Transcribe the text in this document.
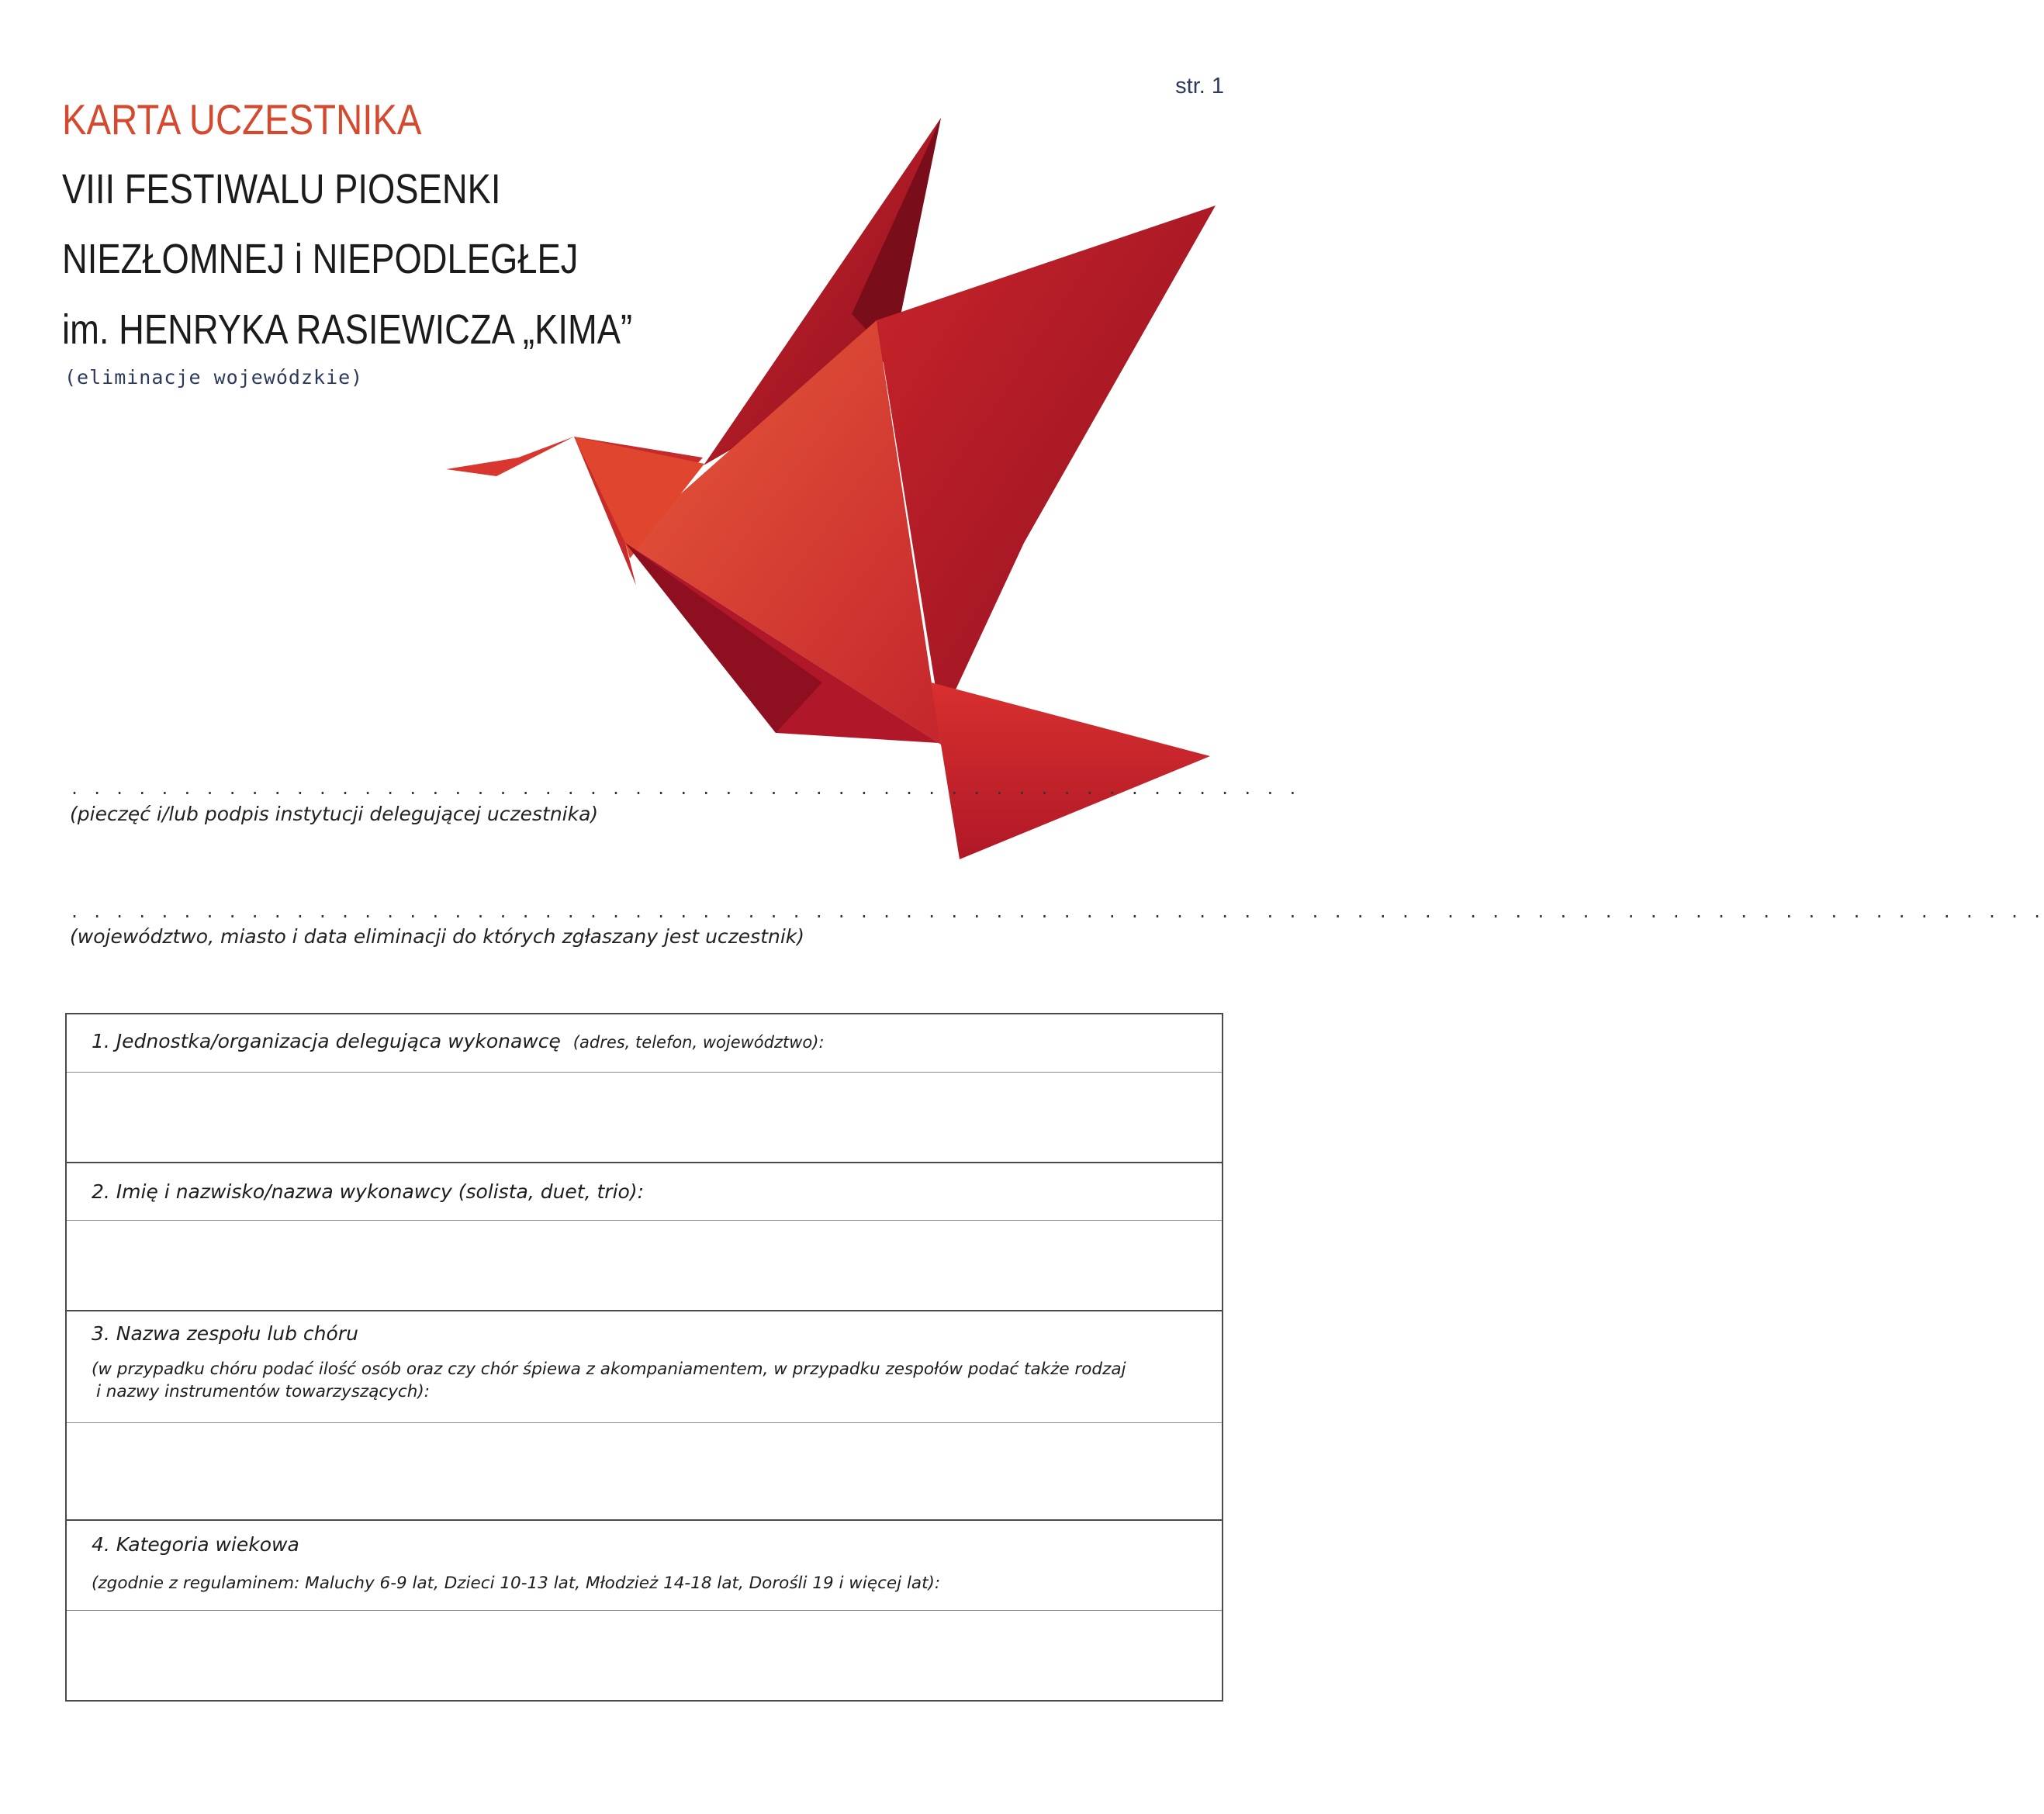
str. 1
KARTA UCZESTNIKA
VIII FESTIWALU PIOSENKI
NIEZŁOMNEJ i NIEPODLEGŁEJ
im. HENRYKA RASIEWICZA „KIMA”
(eliminacje wojewódzkie)
. . . . . . . . . . . . . . . . . . . . . . . . . . . . . . . . . . . . . . . . . . . . . . . . . . . . . . .
(pieczęć i/lub podpis instytucji delegującej uczestnika)
. . . . . . . . . . . . . . . . . . . . . . . . . . . . . . . . . . . . . . . . . . . . . . . . . . . . . . . . . . . . . . . . . . . . . . . . . . . . . . . . . . . . . . . .
(województwo, miasto i data eliminacji do których zgłaszany jest uczestnik)
1. Jednostka/organizacja delegująca wykonawcę (adres, telefon, województwo):
2. Imię i nazwisko/nazwa wykonawcy (solista, duet, trio):
3. Nazwa zespołu lub chóru
(w przypadku chóru podać ilość osób oraz czy chór śpiewa z akompaniamentem, w przypadku zespołów podać także rodzaj
i nazwy instrumentów towarzyszących):
4. Kategoria wiekowa
(zgodnie z regulaminem: Maluchy 6-9 lat, Dzieci 10-13 lat, Młodzież 14-18 lat, Dorośli 19 i więcej lat):
